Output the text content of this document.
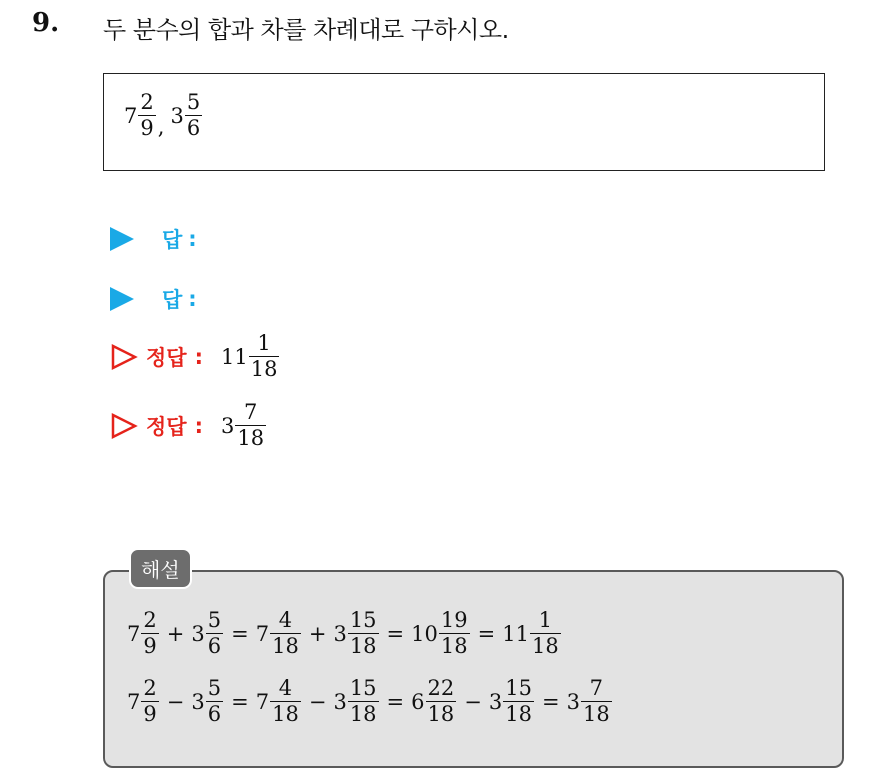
9. 두 분수의 합과 차를 차례대로 구하시오.
$7 \frac{2}{9}$ , $3 \frac{5}{6}$
답 :
답 :
정답 : $11 \frac{1}{18}$
정답 : $3 \frac{7}{18}$
$7 \frac{2}{9} + 3 \frac{5}{6} = 7 \frac{4}{18} + 3 \frac{15}{18} = 10 \frac{19}{18} = 11 \frac{1}{18}$
$7 \frac{2}{9} - 3 \frac{5}{6} = 7 \frac{4}{18} - 3 \frac{15}{18} = 6 \frac{22}{18} - 3 \frac{15}{18} = 3 \frac{7}{18}$
해설
